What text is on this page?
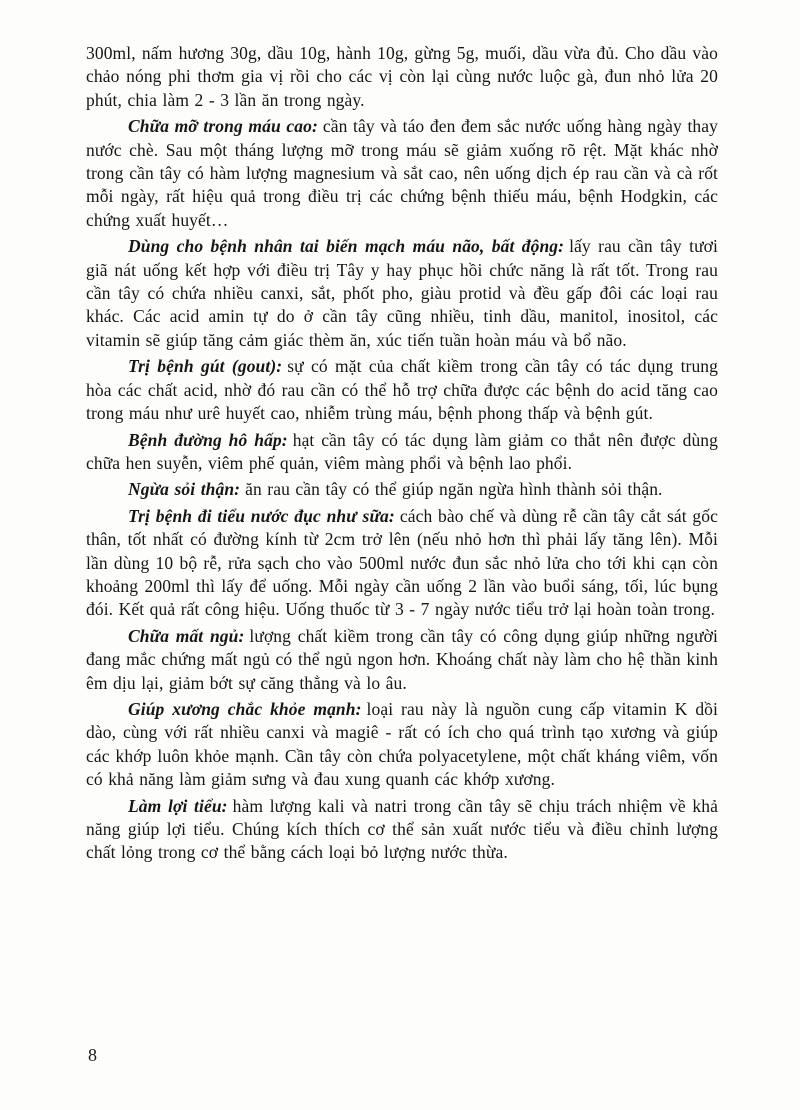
300ml, nấm hương 30g, dầu 10g, hành 10g, gừng 5g, muối, dầu vừa đủ. Cho dầu vào chảo nóng phi thơm gia vị rồi cho các vị còn lại cùng nước luộc gà, đun nhỏ lửa 20 phút, chia làm 2 - 3 lần ăn trong ngày.

Chữa mỡ trong máu cao: cần tây và táo đen đem sắc nước uống hàng ngày thay nước chè. Sau một tháng lượng mỡ trong máu sẽ giảm xuống rõ rệt. Mặt khác nhờ trong cần tây có hàm lượng magnesium và sắt cao, nên uống dịch ép rau cần và cà rốt mỗi ngày, rất hiệu quả trong điều trị các chứng bệnh thiếu máu, bệnh Hodgkin, các chứng xuất huyết…

Dùng cho bệnh nhân tai biến mạch máu não, bất động: lấy rau cần tây tươi giã nát uống kết hợp với điều trị Tây y hay phục hồi chức năng là rất tốt. Trong rau cần tây có chứa nhiều canxi, sắt, phốt pho, giàu protid và đều gấp đôi các loại rau khác. Các acid amin tự do ở cần tây cũng nhiều, tinh dầu, manitol, inositol, các vitamin sẽ giúp tăng cảm giác thèm ăn, xúc tiến tuần hoàn máu và bổ não.

Trị bệnh gút (gout): sự có mặt của chất kiềm trong cần tây có tác dụng trung hòa các chất acid, nhờ đó rau cần có thể hỗ trợ chữa được các bệnh do acid tăng cao trong máu như urê huyết cao, nhiễm trùng máu, bệnh phong thấp và bệnh gút.

Bệnh đường hô hấp: hạt cần tây có tác dụng làm giảm co thắt nên được dùng chữa hen suyễn, viêm phế quản, viêm màng phổi và bệnh lao phổi.

Ngừa sỏi thận: ăn rau cần tây có thể giúp ngăn ngừa hình thành sỏi thận.

Trị bệnh đi tiểu nước đục như sữa: cách bào chế và dùng rễ cần tây cắt sát gốc thân, tốt nhất có đường kính từ 2cm trở lên (nếu nhỏ hơn thì phải lấy tăng lên). Mỗi lần dùng 10 bộ rễ, rửa sạch cho vào 500ml nước đun sắc nhỏ lửa cho tới khi cạn còn khoảng 200ml thì lấy để uống. Mỗi ngày cần uống 2 lần vào buổi sáng, tối, lúc bụng đói. Kết quả rất công hiệu. Uống thuốc từ 3 - 7 ngày nước tiểu trở lại hoàn toàn trong.

Chữa mất ngủ: lượng chất kiềm trong cần tây có công dụng giúp những người đang mắc chứng mất ngủ có thể ngủ ngon hơn. Khoáng chất này làm cho hệ thần kinh êm dịu lại, giảm bớt sự căng thẳng và lo âu.

Giúp xương chắc khỏe mạnh: loại rau này là nguồn cung cấp vitamin K dồi dào, cùng với rất nhiều canxi và magiê - rất có ích cho quá trình tạo xương và giúp các khớp luôn khỏe mạnh. Cần tây còn chứa polyacetylene, một chất kháng viêm, vốn có khả năng làm giảm sưng và đau xung quanh các khớp xương.

Làm lợi tiểu: hàm lượng kali và natri trong cần tây sẽ chịu trách nhiệm về khả năng giúp lợi tiểu. Chúng kích thích cơ thể sản xuất nước tiểu và điều chỉnh lượng chất lỏng trong cơ thể bằng cách loại bỏ lượng nước thừa.

8
